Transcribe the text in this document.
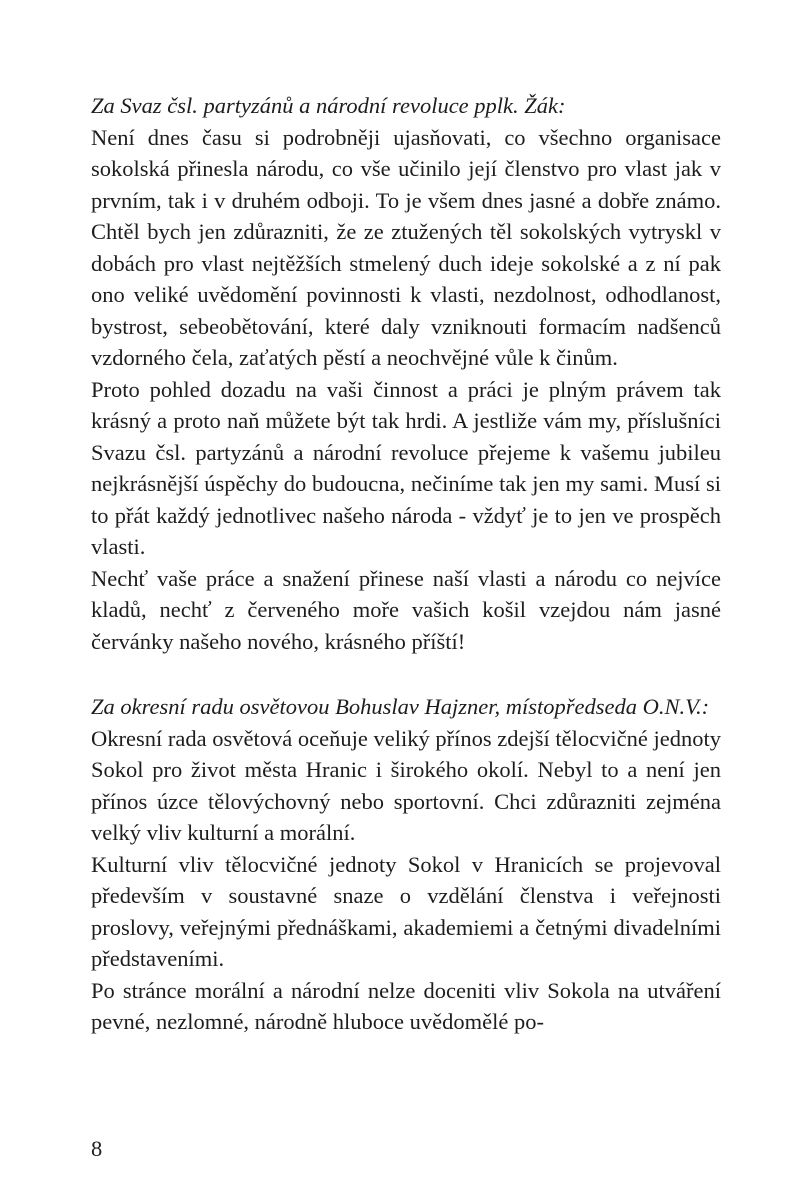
Za Svaz čsl. partyzánů a národní revoluce pplk. Žák:

Není dnes času si podrobněji ujasňovati, co všechno organisace sokolská přinesla národu, co vše učinilo její členstvo pro vlast jak v prvním, tak i v druhém odboji. To je všem dnes jasné a dobře známo. Chtěl bych jen zdůrazniti, že ze ztužených těl sokolských vytryskl v dobách pro vlast nejtěžších stmelený duch ideje sokolské a z ní pak ono veliké uvědomění povinnosti k vlasti, nezdolnost, odhodlanost, bystrost, sebeobětování, které daly vzniknouti formacím nadšenců vzdorného čela, zaťatých pěstí a neochvějné vůle k činům.

Proto pohled dozadu na vaši činnost a práci je plným právem tak krásný a proto naň můžete být tak hrdi. A jestliže vám my, příslušníci Svazu čsl. partyzánů a národní revoluce přejeme k vašemu jubileu nejkrásnější úspěchy do budoucna, nečiníme tak jen my sami. Musí si to přát každý jednotlivec našeho národa - vždyť je to jen ve prospěch vlasti.

Nechť vaše práce a snažení přinese naší vlasti a národu co nejvíce kladů, nechť z červeného moře vašich košil vzejdou nám jasné červánky našeho nového, krásného příští!

Za okresní radu osvětovou Bohuslav Hajzner, místopředseda O.N.V.:

Okresní rada osvětová oceňuje veliký přínos zdejší tělocvičné jednoty Sokol pro život města Hranic i širokého okolí. Nebyl to a není jen přínos úzce tělovýchovný nebo sportovní. Chci zdůrazniti zejména velký vliv kulturní a morální.

Kulturní vliv tělocvičné jednoty Sokol v Hranicích se projevoval především v soustavné snaze o vzdělání členstva i veřejnosti proslovy, veřejnými přednáškami, akademiemi a četnými divadelními představeními.

Po stránce morální a národní nelze doceniti vliv Sokola na utváření pevné, nezlomné, národně hluboce uvědomělé po-

8
